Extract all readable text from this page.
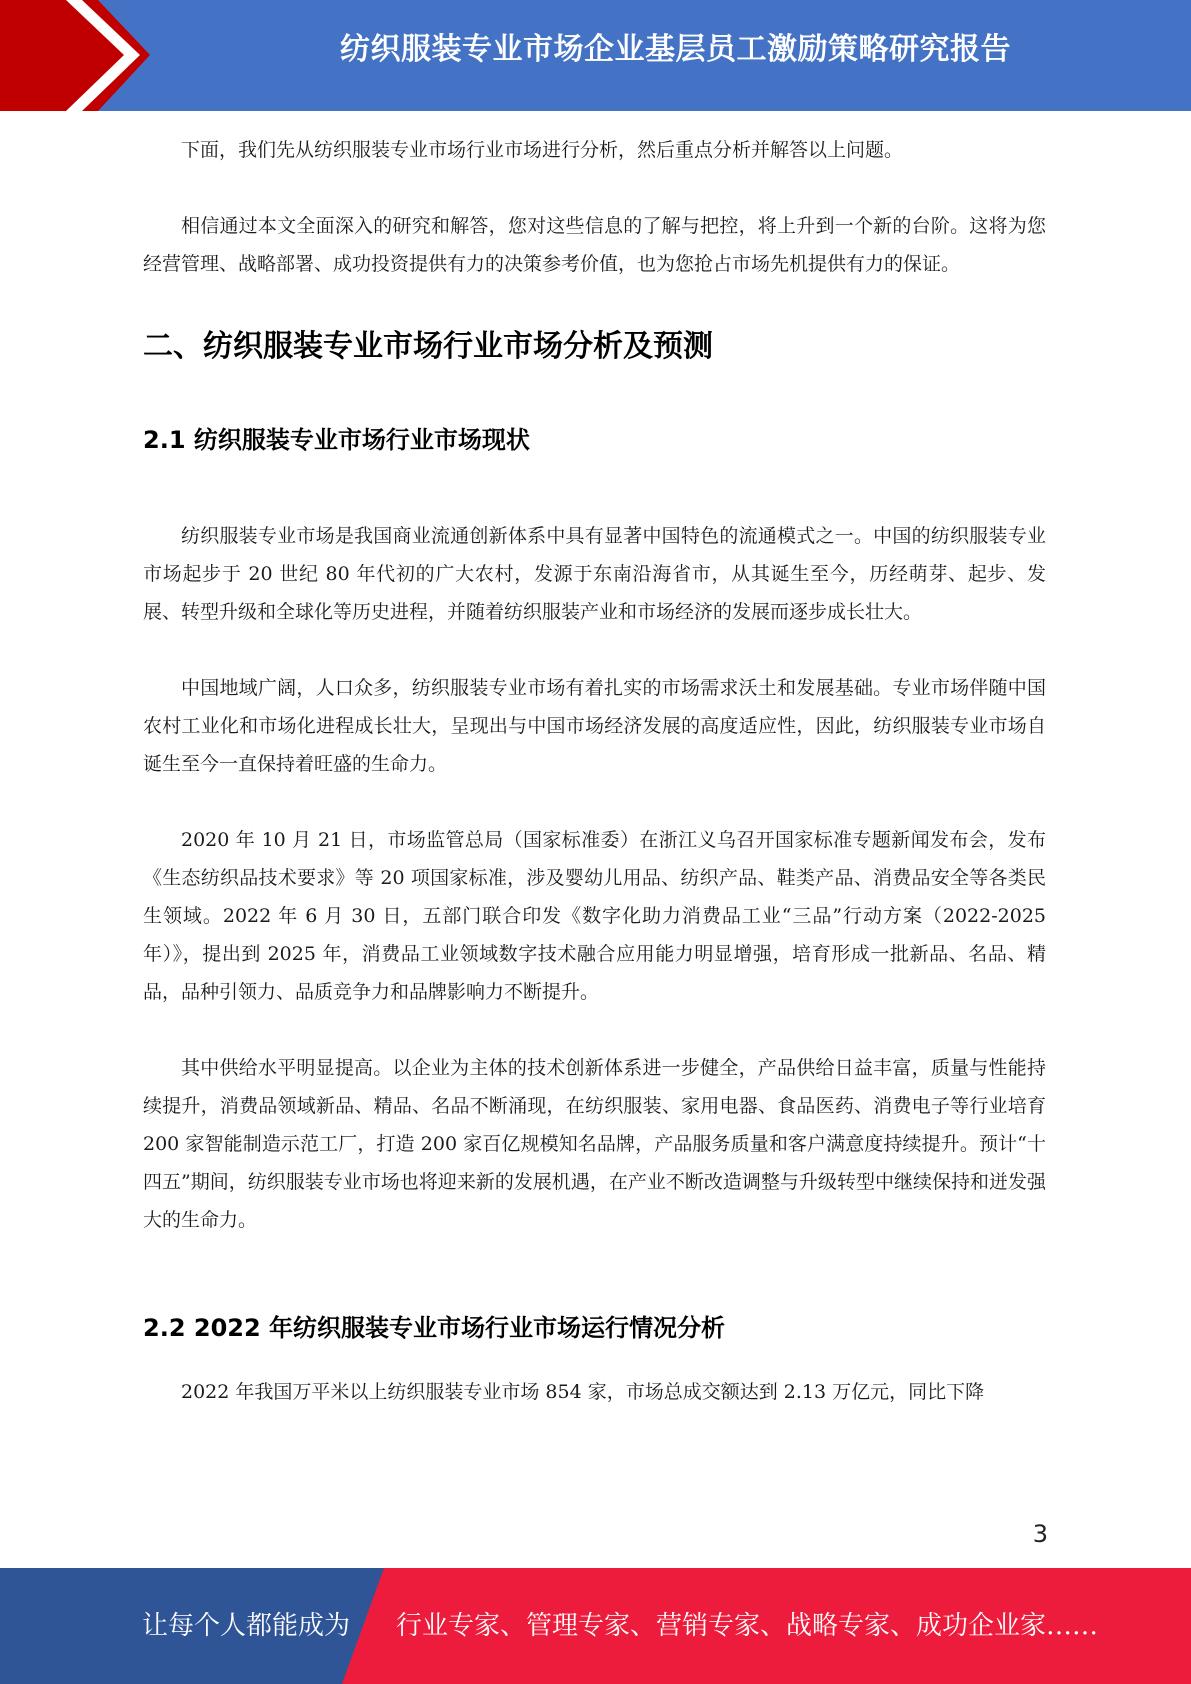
纺织服装专业市场企业基层员工激励策略研究报告

下面，我们先从纺织服装专业市场行业市场进行分析，然后重点分析并解答以上问题。

相信通过本文全面深入的研究和解答，您对这些信息的了解与把控，将上升到一个新的台阶。这将为您经营管理、战略部署、成功投资提供有力的决策参考价值，也为您抢占市场先机提供有力的保证。

二、纺织服装专业市场行业市场分析及预测
2.1 纺织服装专业市场行业市场现状

纺织服装专业市场是我国商业流通创新体系中具有显著中国特色的流通模式之一。中国的纺织服装专业市场起步于 20 世纪 80 年代初的广大农村，发源于东南沿海省市，从其诞生至今，历经萌芽、起步、发展、转型升级和全球化等历史进程，并随着纺织服装产业和市场经济的发展而逐步成长壮大。

中国地域广阔，人口众多，纺织服装专业市场有着扎实的市场需求沃土和发展基础。专业市场伴随中国农村工业化和市场化进程成长壮大，呈现出与中国市场经济发展的高度适应性，因此，纺织服装专业市场自诞生至今一直保持着旺盛的生命力。

2020 年 10 月 21 日，市场监管总局（国家标准委）在浙江义乌召开国家标准专题新闻发布会，发布《生态纺织品技术要求》等 20 项国家标准，涉及婴幼儿用品、纺织产品、鞋类产品、消费品安全等各类民生领域。2022 年 6 月 30 日，五部门联合印发《数字化助力消费品工业“三品”行动方案（2022-2025 年）》，提出到 2025 年，消费品工业领域数字技术融合应用能力明显增强，培育形成一批新品、名品、精品，品种引领力、品质竞争力和品牌影响力不断提升。

其中供给水平明显提高。以企业为主体的技术创新体系进一步健全，产品供给日益丰富，质量与性能持续提升，消费品领域新品、精品、名品不断涌现，在纺织服装、家用电器、食品医药、消费电子等行业培育 200 家智能制造示范工厂，打造 200 家百亿规模知名品牌，产品服务质量和客户满意度持续提升。预计“十四五”期间，纺织服装专业市场也将迎来新的发展机遇，在产业不断改造调整与升级转型中继续保持和迸发强大的生命力。

2.2 2022 年纺织服装专业市场行业市场运行情况分析

2022 年我国万平米以上纺织服装专业市场 854 家，市场总成交额达到 2.13 万亿元，同比下降

3
让每个人都能成为 行业专家、管理专家、营销专家、战略专家、成功企业家……
